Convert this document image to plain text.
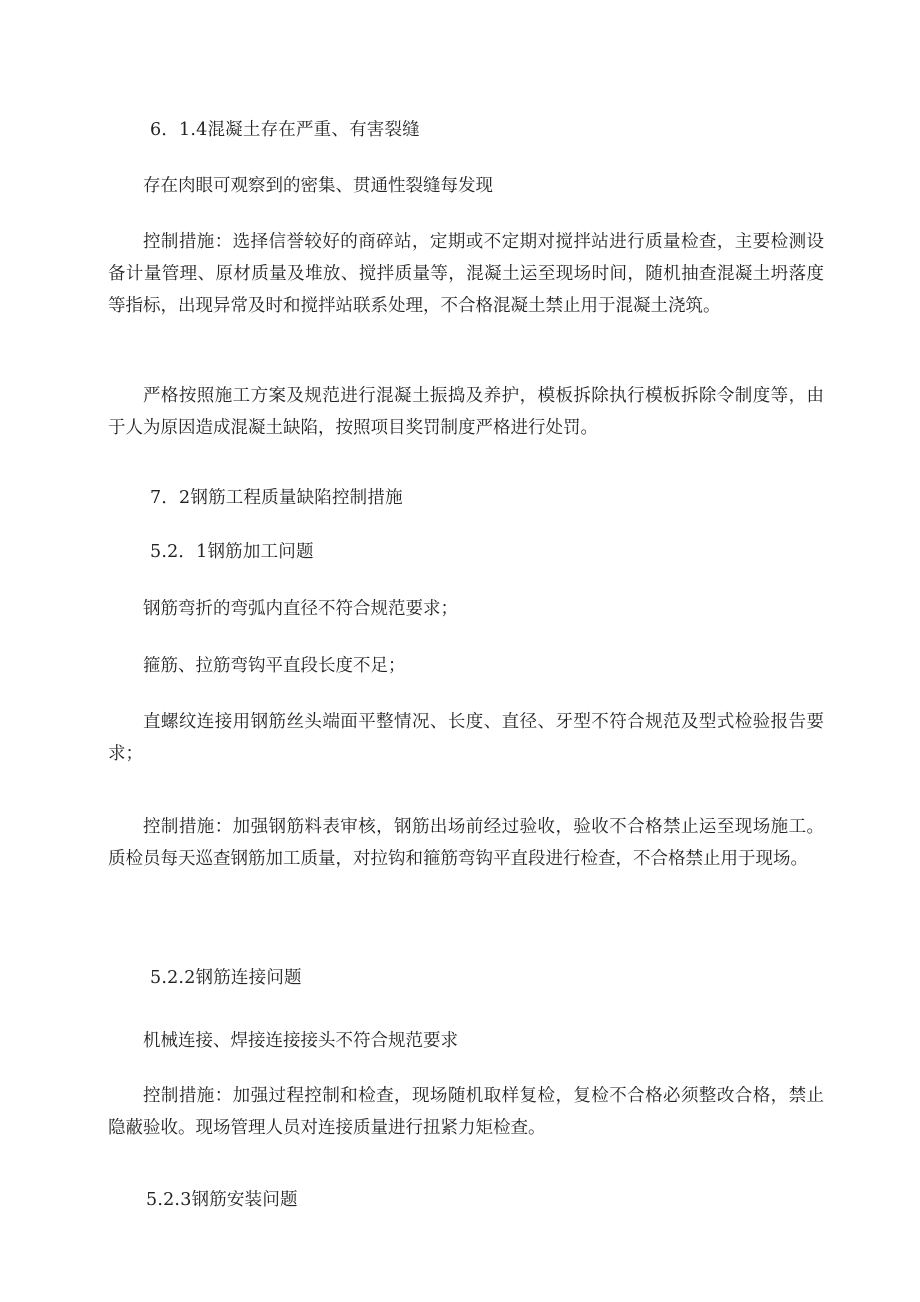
6．1.4混凝土存在严重、有害裂缝

存在肉眼可观察到的密集、贯通性裂缝每发现

控制措施：选择信誉较好的商碎站，定期或不定期对搅拌站进行质量检查，主要检测设备计量管理、原材质量及堆放、搅拌质量等，混凝土运至现场时间，随机抽查混凝土坍落度等指标，出现异常及时和搅拌站联系处理，不合格混凝土禁止用于混凝土浇筑。

严格按照施工方案及规范进行混凝土振捣及养护，模板拆除执行模板拆除令制度等，由于人为原因造成混凝土缺陷，按照项目奖罚制度严格进行处罚。

7．2钢筋工程质量缺陷控制措施

5.2．1钢筋加工问题

钢筋弯折的弯弧内直径不符合规范要求；

箍筋、拉筋弯钩平直段长度不足；

直螺纹连接用钢筋丝头端面平整情况、长度、直径、牙型不符合规范及型式检验报告要求；

控制措施：加强钢筋料表审核，钢筋出场前经过验收，验收不合格禁止运至现场施工。质检员每天巡查钢筋加工质量，对拉钩和箍筋弯钩平直段进行检查，不合格禁止用于现场。

5.2.2钢筋连接问题

机械连接、焊接连接接头不符合规范要求

控制措施：加强过程控制和检查，现场随机取样复检，复检不合格必须整改合格，禁止隐蔽验收。现场管理人员对连接质量进行扭紧力矩检查。

5.2.3钢筋安装问题
